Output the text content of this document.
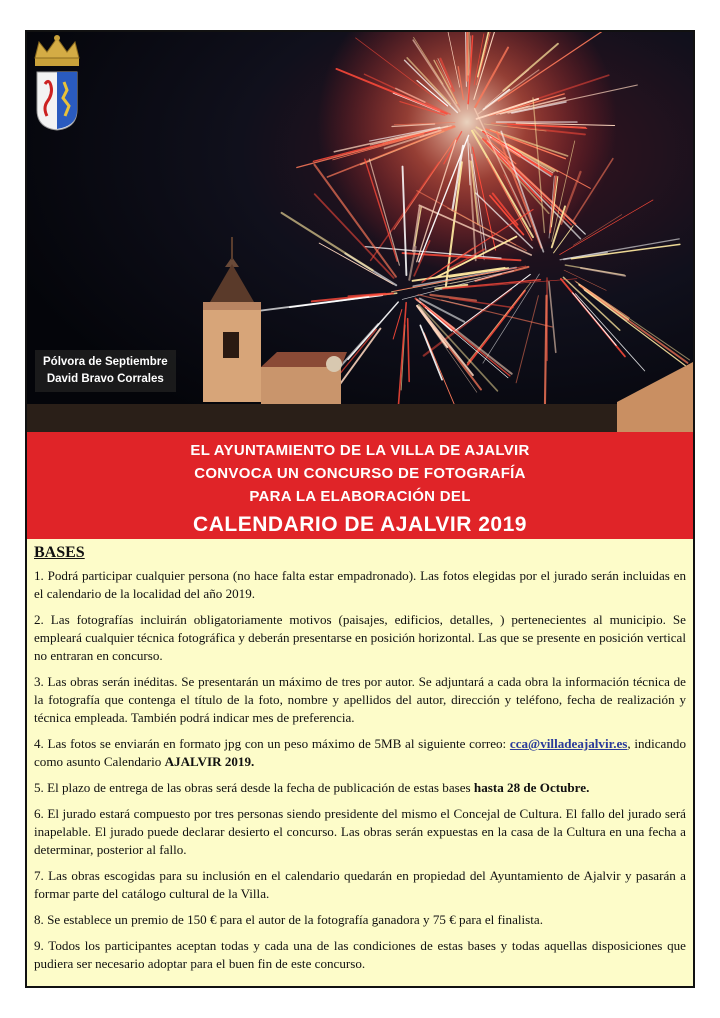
Pólvora de Septiembre
David Bravo Corrales
EL AYUNTAMIENTO DE LA VILLA DE AJALVIR
CONVOCA UN CONCURSO DE FOTOGRAFÍA
PARA LA ELABORACIÓN DEL
CALENDARIO DE AJALVIR 2019
BASES

1. Podrá participar cualquier persona (no hace falta estar empadronado). Las fotos elegidas por el jurado serán incluidas en el calendario de la localidad del año 2019.

2. Las fotografías incluirán obligatoriamente motivos (paisajes, edificios, detalles, ) pertenecientes al municipio. Se empleará cualquier técnica fotográfica y deberán presentarse en posición horizontal. Las que se presente en posición vertical no entraran en concurso.

3. Las obras serán inéditas. Se presentarán un máximo de tres por autor. Se adjuntará a cada obra la información técnica de la fotografía que contenga el título de la foto, nombre y apellidos del autor, dirección y teléfono, fecha de realización y técnica empleada. También podrá indicar mes de preferencia.

4. Las fotos se enviarán en formato jpg con un peso máximo de 5MB al siguiente correo: cca@villadeajalvir.es, indicando como asunto Calendario AJALVIR 2019.

5. El plazo de entrega de las obras será desde la fecha de publicación de estas bases hasta 28 de Octubre.

6. El jurado estará compuesto por tres personas siendo presidente del mismo el Concejal de Cultura. El fallo del jurado será inapelable. El jurado puede declarar desierto el concurso. Las obras serán expuestas en la casa de la Cultura en una fecha a determinar, posterior al fallo.

7. Las obras escogidas para su inclusión en el calendario quedarán en propiedad del Ayuntamiento de Ajalvir y pasarán a formar parte del catálogo cultural de la Villa.

8. Se establece un premio de 150 € para el autor de la fotografía ganadora y 75 € para el finalista.

9. Todos los participantes aceptan todas y cada una de las condiciones de estas bases y todas aquellas disposiciones que pudiera ser necesario adoptar para el buen fin de este concurso.
